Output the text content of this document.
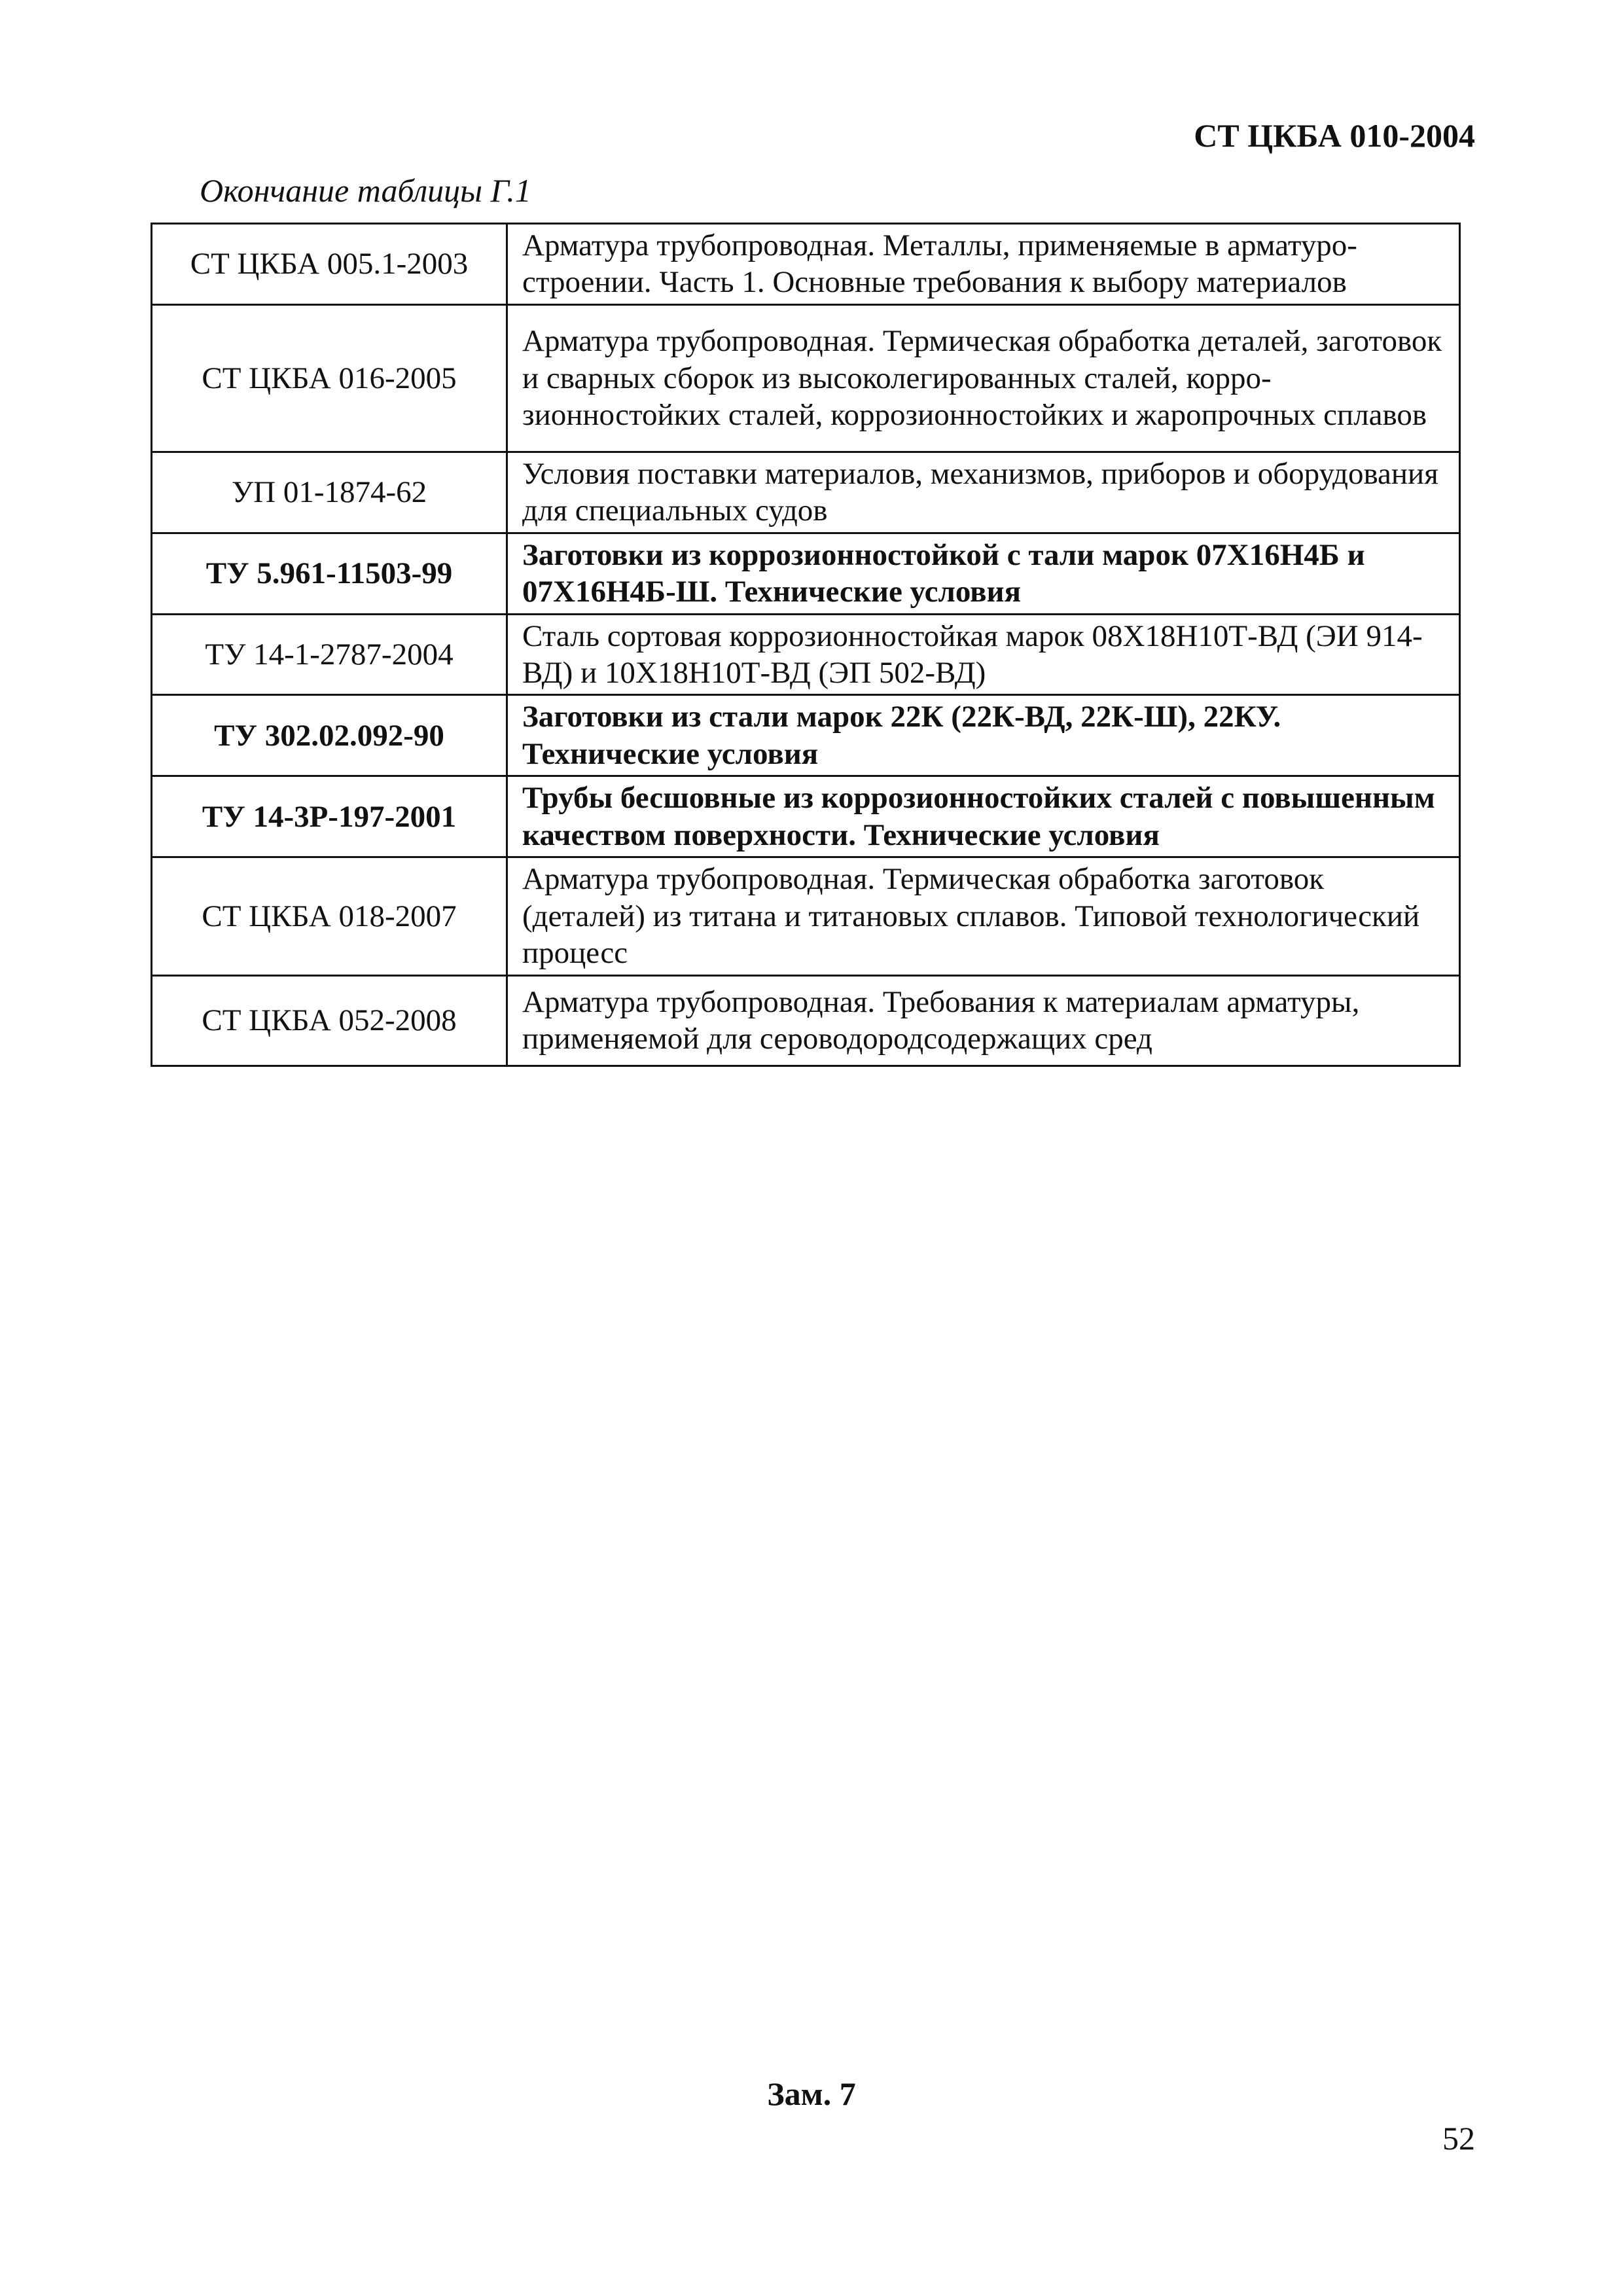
СТ ЦКБА 010-2004
Окончание таблицы Г.1
СТ ЦКБА 005.1-2003	Арматура трубопроводная. Металлы, применяемые в арматуро-строении. Часть 1. Основные требования к выбору материалов
СТ ЦКБА 016-2005	Арматура трубопроводная. Термическая обработка деталей, заготовок и сварных сборок из высоколегированных сталей, корро-зионностойких сталей, коррозионностойких и жаропрочных сплавов
УП 01-1874-62	Условия поставки материалов, механизмов, приборов и оборудования для специальных судов
ТУ 5.961-11503-99	Заготовки из коррозионностойкой с тали марок 07Х16Н4Б и 07Х16Н4Б-Ш. Технические условия
ТУ 14-1-2787-2004	Сталь сортовая коррозионностойкая марок 08Х18Н10Т-ВД (ЭИ 914-ВД) и 10Х18Н10Т-ВД (ЭП 502-ВД)
ТУ 302.02.092-90	Заготовки из стали марок 22К (22К-ВД, 22К-Ш), 22КУ. Технические условия
ТУ 14-3Р-197-2001	Трубы бесшовные из коррозионностойких сталей с повышенным качеством поверхности. Технические условия
СТ ЦКБА 018-2007	Арматура трубопроводная. Термическая обработка заготовок (деталей) из титана и титановых сплавов. Типовой технологический процесс
СТ ЦКБА 052-2008	Арматура трубопроводная. Требования к материалам арматуры, применяемой для сероводородсодержащих сред
Зам. 7
52
